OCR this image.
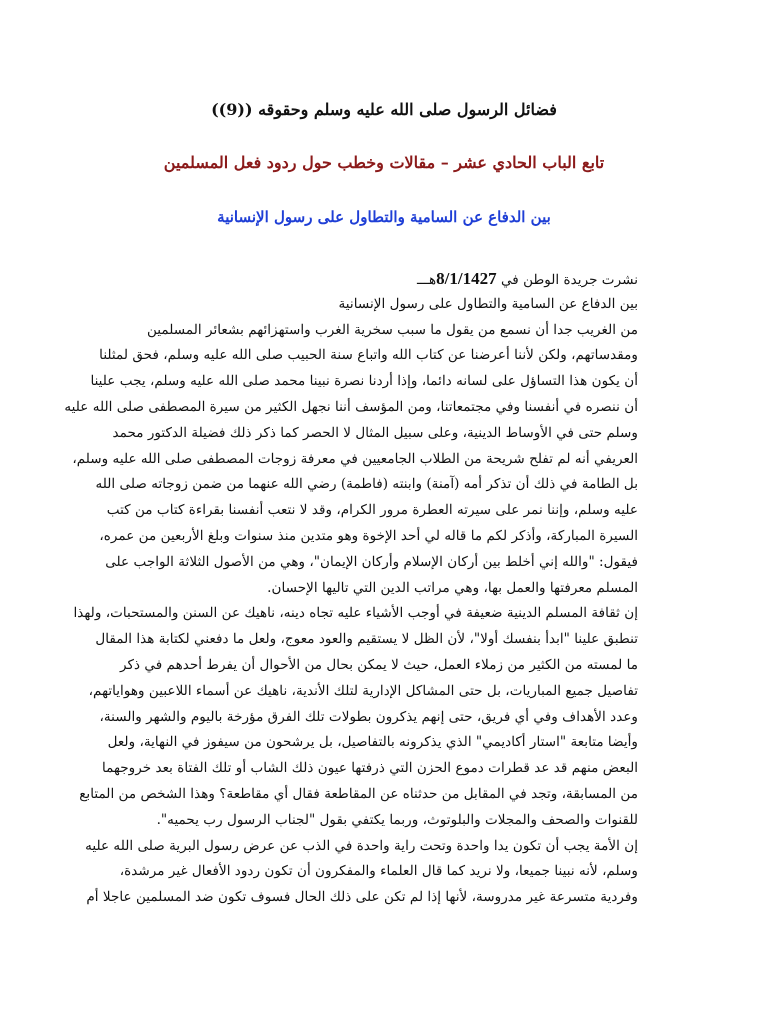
فضائل الرسول صلى الله عليه وسلم وحقوقه ((9))
تابع الباب الحادي عشر – مقالات وخطب حول ردود فعل المسلمين
بين الدفاع عن السامية والتطاول على رسول الإنسانية
نشرت جريدة الوطن في 8/1/1427هـــ
بين الدفاع عن السامية والتطاول على رسول الإنسانية
من الغريب جدا أن نسمع من يقول ما سبب سخرية الغرب واستهزائهم بشعائر المسلمين
ومقدساتهم، ولكن لأننا أعرضنا عن كتاب الله واتباع سنة الحبيب صلى الله عليه وسلم، فحق لمثلنا
أن يكون هذا التساؤل على لسانه دائما، وإذا أردنا نصرة نبينا محمد صلى الله عليه وسلم، يجب علينا
أن ننصره في أنفسنا وفي مجتمعاتنا، ومن المؤسف أننا نجهل الكثير من سيرة المصطفى صلى الله عليه
وسلم حتى في الأوساط الدينية، وعلى سبيل المثال لا الحصر كما ذكر ذلك فضيلة الدكتور محمد
العريفي أنه لم تفلح شريحة من الطلاب الجامعيين في معرفة زوجات المصطفى صلى الله عليه وسلم،
بل الطامة في ذلك أن تذكر أمه (آمنة) وابنته (فاطمة) رضي الله عنهما من ضمن زوجاته صلى الله
عليه وسلم، وإننا نمر على سيرته العطرة مرور الكرام، وقد لا نتعب أنفسنا بقراءة كتاب من كتب
السيرة المباركة، وأذكر لكم ما قاله لي أحد الإخوة وهو متدين منذ سنوات وبلغ الأربعين من عمره،
فيقول: "والله إني أخلط بين أركان الإسلام وأركان الإيمان"، وهي من الأصول الثلاثة الواجب على
المسلم معرفتها والعمل بها، وهي مراتب الدين التي تاليها الإحسان.
إن ثقافة المسلم الدينية ضعيفة في أوجب الأشياء عليه تجاه دينه، ناهيك عن السنن والمستحبات، ولهذا
تنطبق علينا "ابدأ بنفسك أولا"، لأن الظل لا يستقيم والعود معوج، ولعل ما دفعني لكتابة هذا المقال
ما لمسته من الكثير من زملاء العمل، حيث لا يمكن بحال من الأحوال أن يفرط أحدهم في ذكر
تفاصيل جميع المباريات، بل حتى المشاكل الإدارية لتلك الأندية، ناهيك عن أسماء اللاعبين وهواياتهم،
وعدد الأهداف وفي أي فريق، حتى إنهم يذكرون بطولات تلك الفرق مؤرخة باليوم والشهر والسنة،
وأيضا متابعة "استار أكاديمي" الذي يذكرونه بالتفاصيل، بل يرشحون من سيفوز في النهاية، ولعل
البعض منهم قد عد قطرات دموع الحزن التي ذرفتها عيون ذلك الشاب أو تلك الفتاة بعد خروجهما
من المسابقة، وتجد في المقابل من حدثناه عن المقاطعة فقال أي مقاطعة؟ وهذا الشخص من المتابع
للقنوات والصحف والمجلات والبلوتوث، وربما يكتفي بقول "لجناب الرسول رب يحميه".
إن الأمة يجب أن تكون يدا واحدة وتحت راية واحدة في الذب عن عرض رسول البرية صلى الله عليه
وسلم، لأنه نبينا جميعا، ولا نريد كما قال العلماء والمفكرون أن تكون ردود الأفعال غير مرشدة،
وفردية متسرعة غير مدروسة، لأنها إذا لم تكن على ذلك الحال فسوف تكون ضد المسلمين عاجلا أم
